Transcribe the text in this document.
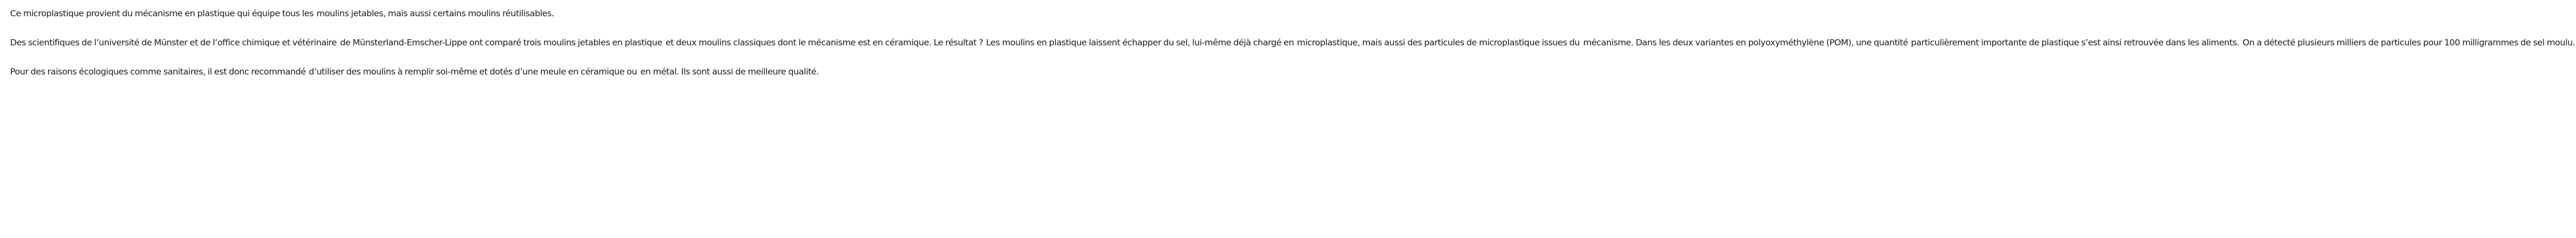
Ce microplastique provient du mécanisme en plastique qui équipe tous les moulins jetables, mais aussi certains moulins réutilisables.

Des scientifiques de l’université de Münster et de l’office chimique et vétérinaire de Münsterland-Emscher-Lippe ont comparé trois moulins jetables en plastique et deux moulins classiques dont le mécanisme est en céramique. Le résultat ? Les moulins en plastique laissent échapper du sel, lui-même déjà chargé en microplastique, mais aussi des particules de microplastique issues du mécanisme. Dans les deux variantes en polyoxyméthylène (POM), une quantité particulièrement importante de plastique s’est ainsi retrouvée dans les aliments. On a détecté plusieurs milliers de particules pour 100 milligrammes de sel moulu.

Pour des raisons écologiques comme sanitaires, il est donc recommandé d’utiliser des moulins à remplir soi-même et dotés d’une meule en céramique ou en métal. Ils sont aussi de meilleure qualité.
